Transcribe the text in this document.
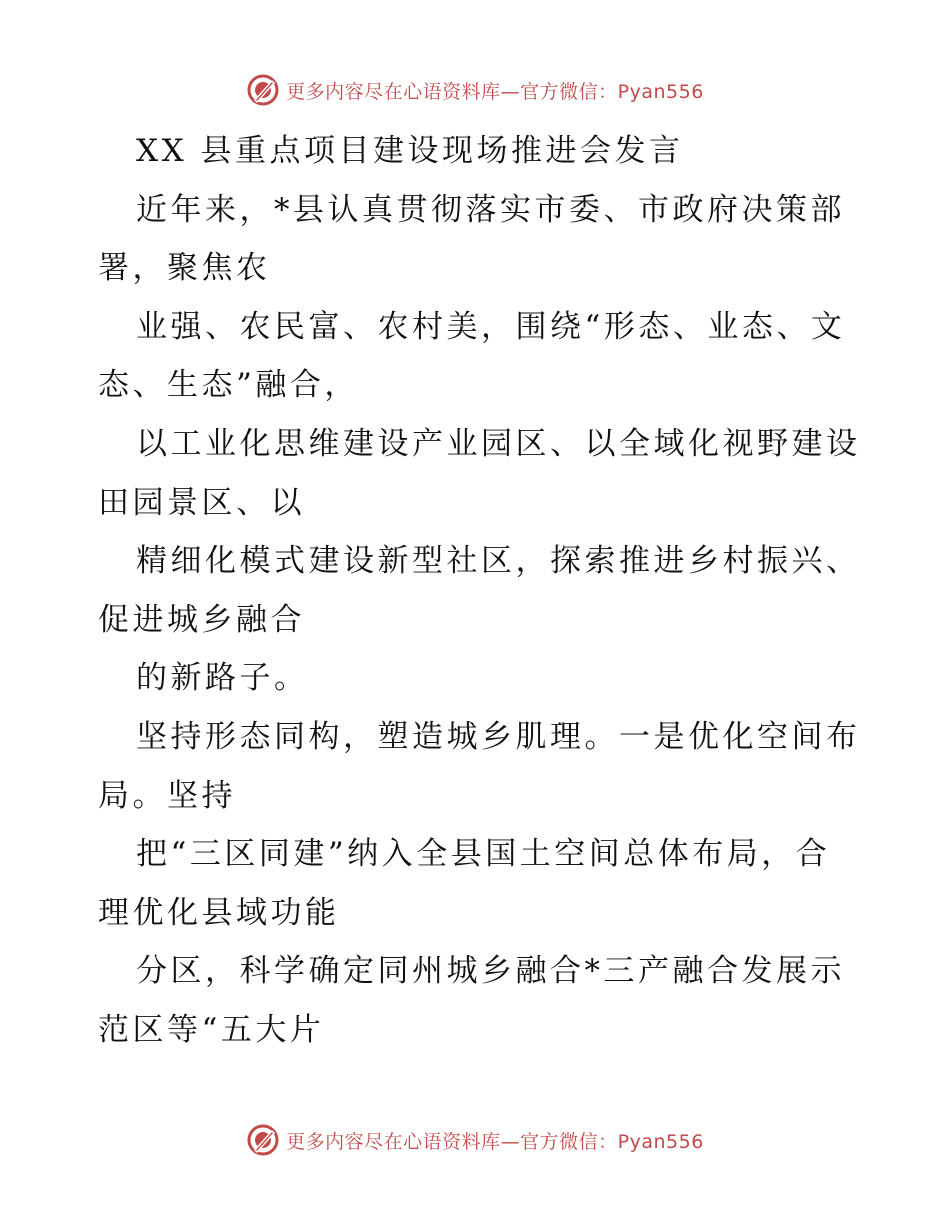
更多内容尽在心语资料库—官方微信：Pyan556
XX 县重点项目建设现场推进会发言
近年来，*县认真贯彻落实市委、市政府决策部
署，聚焦农
业强、农民富、农村美，围绕“形态、业态、文
态、生态”融合，
以工业化思维建设产业园区、以全域化视野建设
田园景区、以
精细化模式建设新型社区，探索推进乡村振兴、
促进城乡融合
的新路子。
坚持形态同构，塑造城乡肌理。一是优化空间布
局。坚持
把“三区同建”纳入全县国土空间总体布局，合
理优化县域功能
分区，科学确定同州城乡融合*三产融合发展示
范区等“五大片
更多内容尽在心语资料库—官方微信：Pyan556
